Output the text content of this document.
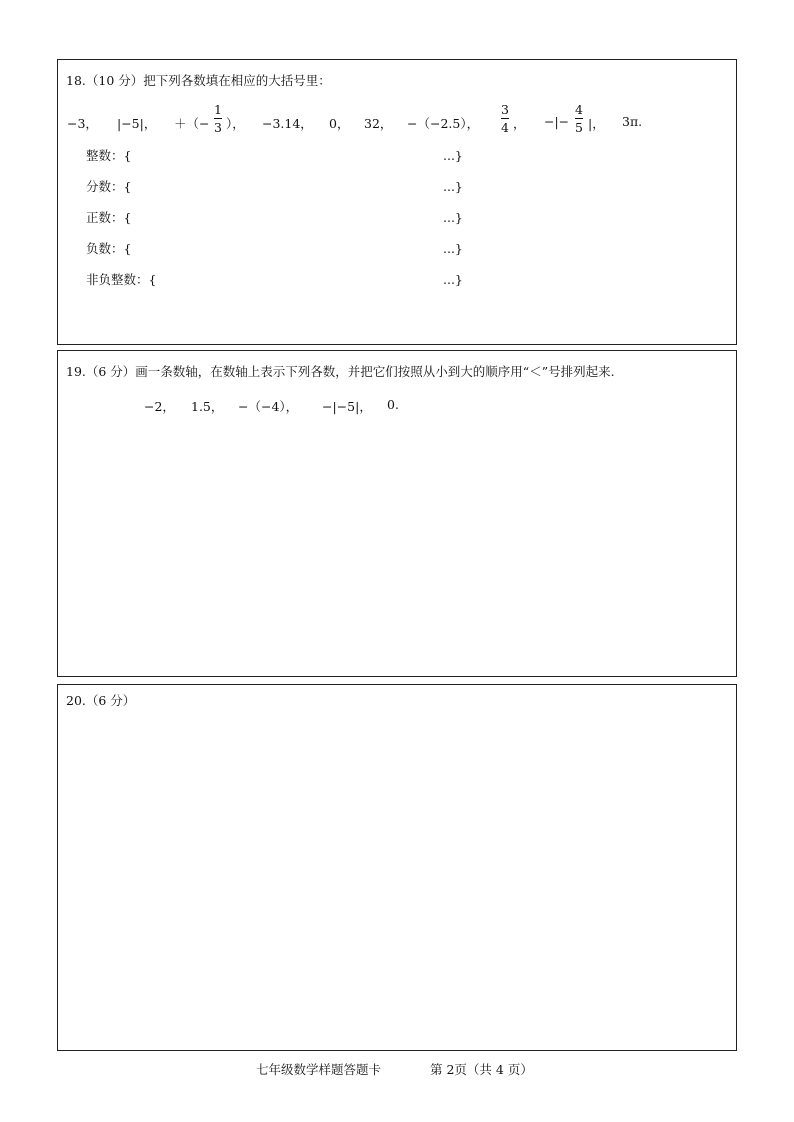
18.（10 分）把下列各数填在相应的大括号里：
−3， |−5|， ＋（−
1
3 ）， −3.14， 0， 32， −（−2.5），
3
4 ， −|−
4
5 |， 3π.
整数：{	...}
分数：{	...}
正数：{	...}
负数：{	...}
非负整数：{	...}
19.（6 分）画一条数轴，在数轴上表示下列各数，并把它们按照从小到大的顺序用“＜”号排列起来.
−2， 1.5， −（−4）， −|−5|， 0.
20.（6 分）
七年级数学样题答题卡	第 2页（共 4 页）
